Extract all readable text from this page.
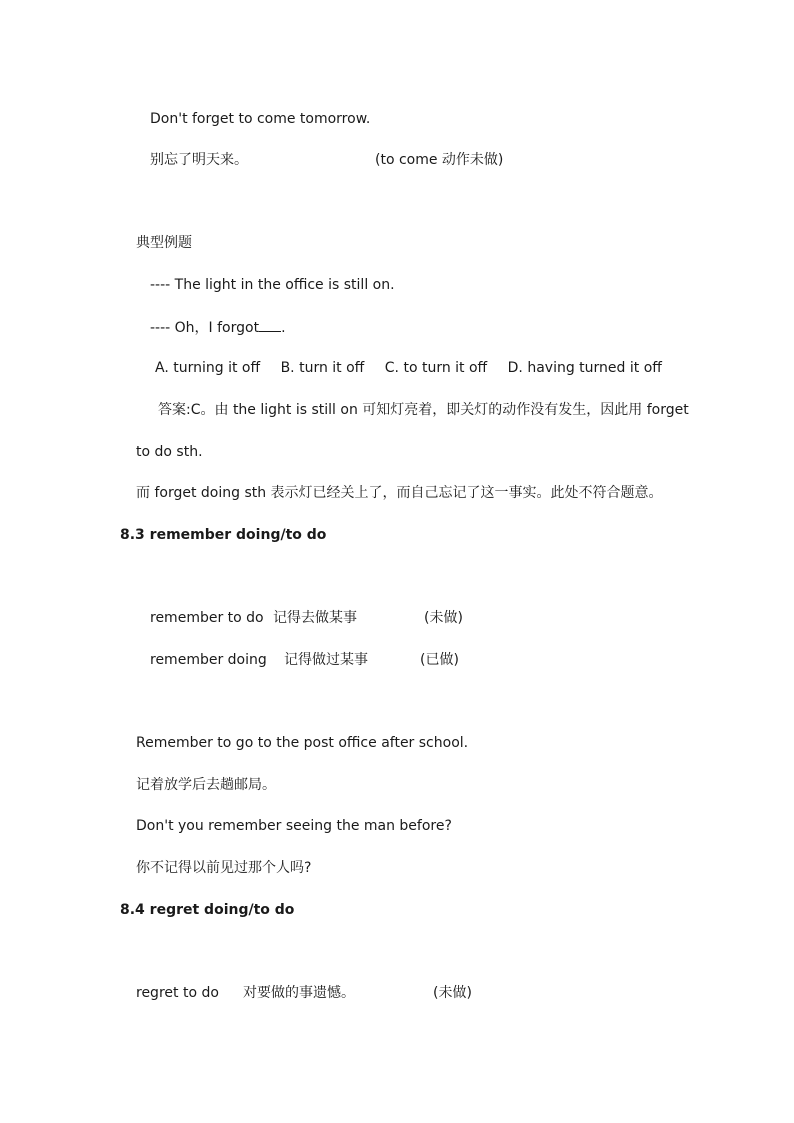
Don't forget to come tomorrow.
别忘了明天来。	(to come 动作未做)
典型例题
---- The light in the office is still on.
---- Oh，I forgot .
A. turning it off B. turn it off C. to turn it off D. having turned it off
答案:C。由 the light is still on 可知灯亮着，即关灯的动作没有发生，因此用 forget
to do sth.
而 forget doing sth 表示灯已经关上了，而自己忘记了这一事实。此处不符合题意。
8.3 remember doing/to do
remember to do 记得去做某事	(未做)
remember doing 记得做过某事	(已做)
Remember to go to the post office after school.
记着放学后去趟邮局。
Don't you remember seeing the man before?
你不记得以前见过那个人吗?
8.4 regret doing/to do
regret to do 对要做的事遗憾。	(未做)
